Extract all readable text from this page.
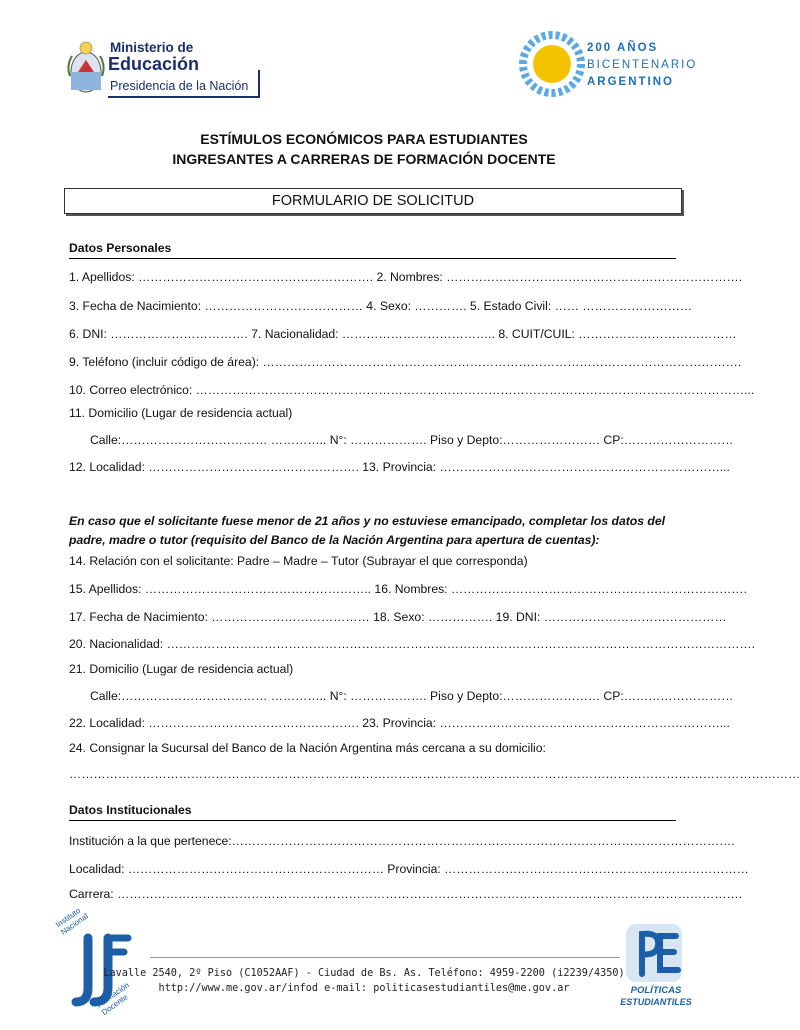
Ministerio de
Educación
Presidencia de la Nación
200 AÑOS
BICENTENARIO
ARGENTINO
ESTÍMULOS ECONÓMICOS PARA ESTUDIANTES
INGRESANTES A CARRERAS DE FORMACIÓN DOCENTE
FORMULARIO DE SOLICITUD
Datos Personales
1. Apellidos: …………………………………………………. 2. Nombres: ……………………………………………………………….
3. Fecha de Nacimiento: ………………………………… 4. Sexo: …………. 5. Estado Civil: …… ………………………
6. DNI: ……………………………. 7. Nacionalidad: ……………………………….. 8. CUIT/CUIL: …………………………………
9. Teléfono (incluir código de área): ……………………………………………………………………………………………………….
10. Correo electrónico: ………………………………………………………………………………………………………………………...
11. Domicilio (Lugar de residencia actual)
Calle:……………………………… ………….. N°: ………………. Piso y Depto:…………………… CP:………………………
12. Localidad: ……………………………………………. 13. Provincia: ……………………………………………………………...
En caso que el solicitante fuese menor de 21 años y no estuviese emancipado, completar los datos del padre, madre o tutor (requisito del Banco de la Nación Argentina para apertura de cuentas):
14. Relación con el solicitante: Padre – Madre – Tutor (Subrayar el que corresponda)
15. Apellidos: ……………………………………………….. 16. Nombres: ……………………………………………………………….
17. Fecha de Nacimiento: ………………………………… 18. Sexo: ……………. 19. DNI: ………………………………………
20. Nacionalidad: ……………………………………………………………………………………………………………………………….
21. Domicilio (Lugar de residencia actual)
Calle:……………………………… ………….. N°: ………………. Piso y Depto:…………………… CP:………………………
22. Localidad: ……………………………………………. 23. Provincia: ……………………………………………………………...
24. Consignar la Sucursal del Banco de la Nación Argentina más cercana a su domicilio:
………………………………………………………………………………………………………………………………………………………………
Datos Institucionales
Institución a la que pertenece:…………………………………………………………………………………………………………….
Localidad: ……………………………………………………… Provincia: …………………………………………………………………
Carrera: ……………………………………………………………………………………………………………………………………….
Instituto Nacional
Formación Docente
Lavalle 2540, 2º Piso (C1052AAF) - Ciudad de Bs. As. Teléfono: 4959-2200 (i2239/4350)
http://www.me.gov.ar/infod e-mail: politicasestudiantiles@me.gov.ar	POLÍTICAS
ESTUDIANTILES
